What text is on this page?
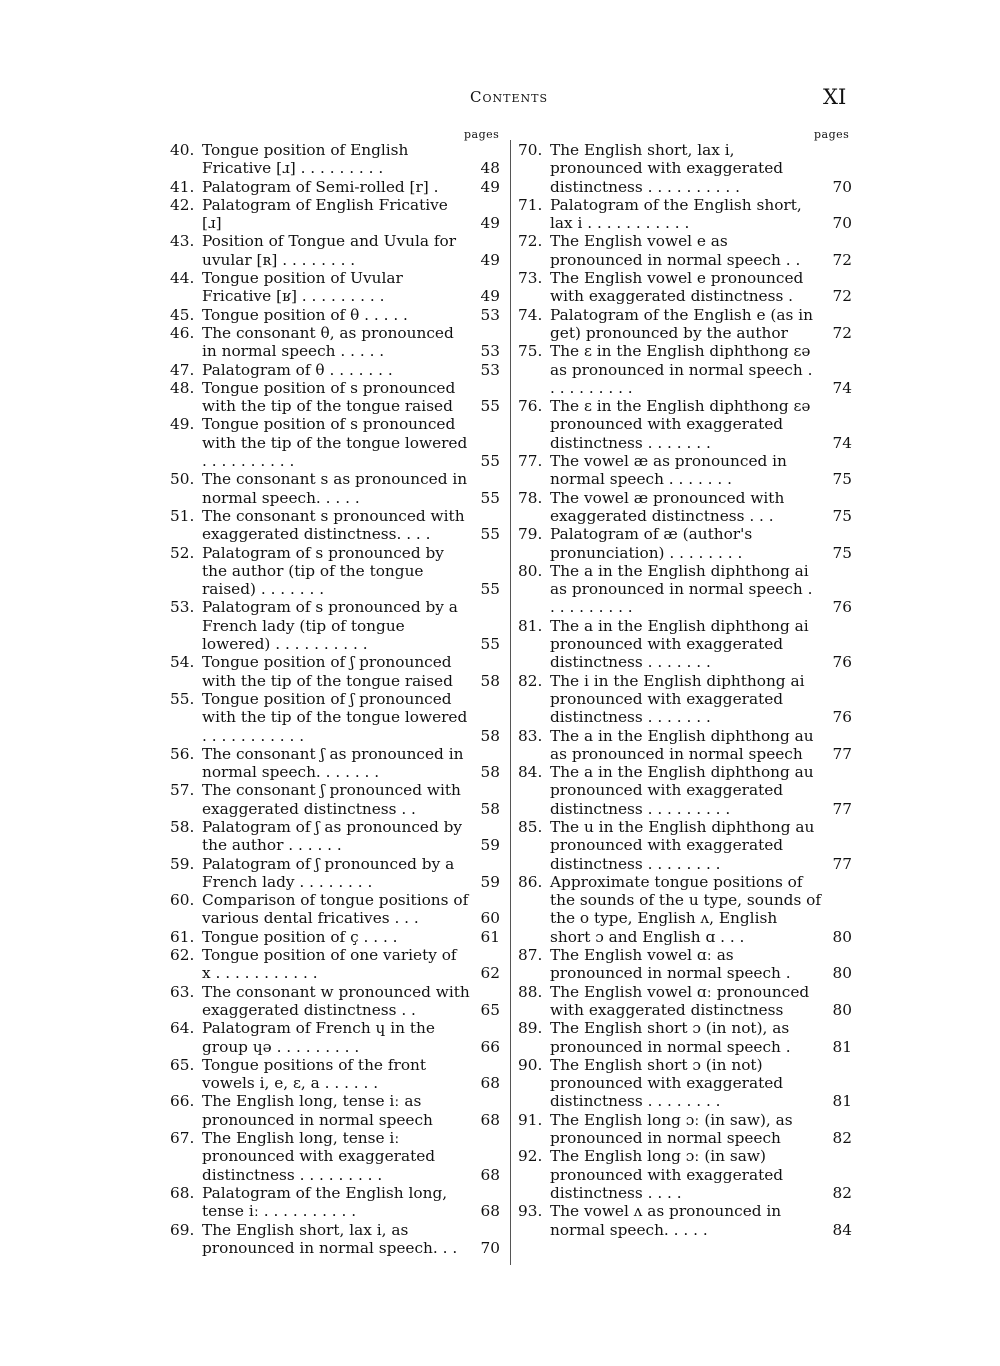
Contents	XI
pages
40. Tongue position of English Fricative [ɹ] . . . . . . . . .	48
41. Palatogram of Semi-rolled [r] .	49
42. Palatogram of English Fricative [ɹ]	49
43. Position of Tongue and Uvula for uvular [ʀ] . . . . . . . .	49
44. Tongue position of Uvular Fricative [ʁ] . . . . . . . . .	49
45. Tongue position of θ . . . . .	53
46. The consonant θ, as pronounced in normal speech . . . . .	53
47. Palatogram of θ . . . . . . .	53
48. Tongue position of s pronounced with the tip of the tongue raised	55
49. Tongue position of s pronounced with the tip of the tongue lowered . . . . . . . . . .	55
50. The consonant s as pronounced in normal speech. . . . .	55
51. The consonant s pronounced with exaggerated distinctness. . . .	55
52. Palatogram of s pronounced by the author (tip of the tongue raised) . . . . . . .	55
53. Palatogram of s pronounced by a French lady (tip of tongue lowered) . . . . . . . . . .	55
54. Tongue position of ʃ pronounced with the tip of the tongue raised	58
55. Tongue position of ʃ pronounced with the tip of the tongue lowered . . . . . . . . . . .	58
56. The consonant ʃ as pronounced in normal speech. . . . . . .	58
57. The consonant ʃ pronounced with exaggerated distinctness . .	58
58. Palatogram of ʃ as pronounced by the author . . . . . .	59
59. Palatogram of ʃ pronounced by a French lady . . . . . . . .	59
60. Comparison of tongue positions of various dental fricatives . . .	60
61. Tongue position of ç . . . .	61
62. Tongue position of one variety of x . . . . . . . . . . .	62
63. The consonant w pronounced with exaggerated distinctness . .	65
64. Palatogram of French ɥ in the group ɥə . . . . . . . . .	66
65. Tongue positions of the front vowels i, e, ɛ, a . . . . . .	68
66. The English long, tense iː as pronounced in normal speech	68
67. The English long, tense iː pronounced with exaggerated distinctness . . . . . . . . .	68
68. Palatogram of the English long, tense iː . . . . . . . . . .	68
69. The English short, lax i, as pronounced in normal speech. . .	70
pages
70. The English short, lax i, pronounced with exaggerated distinctness . . . . . . . . . .	70
71. Palatogram of the English short, lax i . . . . . . . . . . .	70
72. The English vowel e as pronounced in normal speech . .	72
73. The English vowel e pronounced with exaggerated distinctness .	72
74. Palatogram of the English e (as in get) pronounced by the author	72
75. The ɛ in the English diphthong ɛə as pronounced in normal speech . . . . . . . . . .	74
76. The ɛ in the English diphthong ɛə pronounced with exaggerated distinctness . . . . . . .	74
77. The vowel æ as pronounced in normal speech . . . . . . .	75
78. The vowel æ pronounced with exaggerated distinctness . . .	75
79. Palatogram of æ (author's pronunciation) . . . . . . . .	75
80. The a in the English diphthong ai as pronounced in normal speech . . . . . . . . . .	76
81. The a in the English diphthong ai pronounced with exaggerated distinctness . . . . . . .	76
82. The i in the English diphthong ai pronounced with exaggerated distinctness . . . . . . .	76
83. The a in the English diphthong au as pronounced in normal speech	77
84. The a in the English diphthong au pronounced with exaggerated distinctness . . . . . . . . .	77
85. The u in the English diphthong au pronounced with exaggerated distinctness . . . . . . . .	77
86. Approximate tongue positions of the sounds of the u type, sounds of the o type, English ʌ, English short ɔ and English ɑ . . .	80
87. The English vowel ɑː as pronounced in normal speech .	80
88. The English vowel ɑː pronounced with exaggerated distinctness	80
89. The English short ɔ (in not), as pronounced in normal speech .	81
90. The English short ɔ (in not) pronounced with exaggerated distinctness . . . . . . . .	81
91. The English long ɔː (in saw), as pronounced in normal speech	82
92. The English long ɔː (in saw) pronounced with exaggerated distinctness . . . .	82
93. The vowel ʌ as pronounced in normal speech. . . . .	84
